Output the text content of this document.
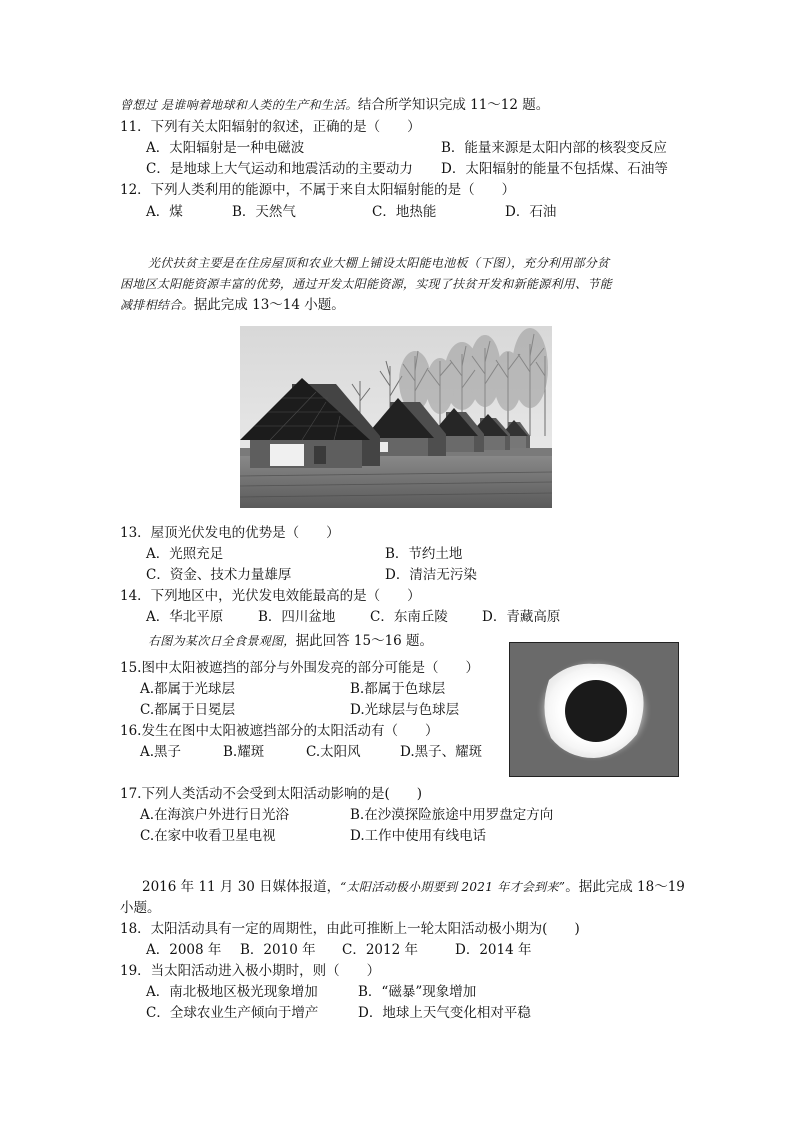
曾想过 是谁响着地球和人类的生产和生活。结合所学知识完成 11～12 题。
11．下列有关太阳辐射的叙述，正确的是（　　）
A．太阳辐射是一种电磁波	B．能量来源是太阳内部的核裂变反应
C．是地球上大气运动和地震活动的主要动力 D．太阳辐射的能量不包括煤、石油等
12．下列人类利用的能源中，不属于来自太阳辐射能的是（　　）
A．煤	B．天然气	C．地热能	D．石油
光伏扶贫主要是在住房屋顶和农业大棚上铺设太阳能电池板（下图），充分利用部分贫
困地区太阳能资源丰富的优势，通过开发太阳能资源，实现了扶贫开发和新能源利用、节能
减排相结合。据此完成 13～14 小题。
13．屋顶光伏发电的优势是（　　）
A．光照充足	B．节约土地
C．资金、技术力量雄厚	D．清洁无污染
14．下列地区中，光伏发电效能最高的是（　　）
A．华北平原	B．四川盆地	C．东南丘陵	D．青藏高原
右图为某次日全食景观图，据此回答 15～16 题。
15.图中太阳被遮挡的部分与外围发亮的部分可能是（　　）
A.都属于光球层	B.都属于色球层
C.都属于日冕层	D.光球层与色球层
16.发生在图中太阳被遮挡部分的太阳活动有（　　）
A.黑子	B.耀斑	C.太阳风	D.黑子、耀斑
17.下列人类活动不会受到太阳活动影响的是(　　)
A.在海滨户外进行日光浴	B.在沙漠探险旅途中用罗盘定方向
C.在家中收看卫星电视	D.工作中使用有线电话
2016 年 11 月 30 日媒体报道，“太阳活动极小期要到 2021 年才会到来”。据此完成 18～19
小题。
18．太阳活动具有一定的周期性，由此可推断上一轮太阳活动极小期为(　　)
A．2008 年 B．2010 年 C．2012 年	D．2014 年
19．当太阳活动进入极小期时，则（　　）
A．南北极地区极光现象增加	B．“磁暴”现象增加
C．全球农业生产倾向于增产	D．地球上天气变化相对平稳
